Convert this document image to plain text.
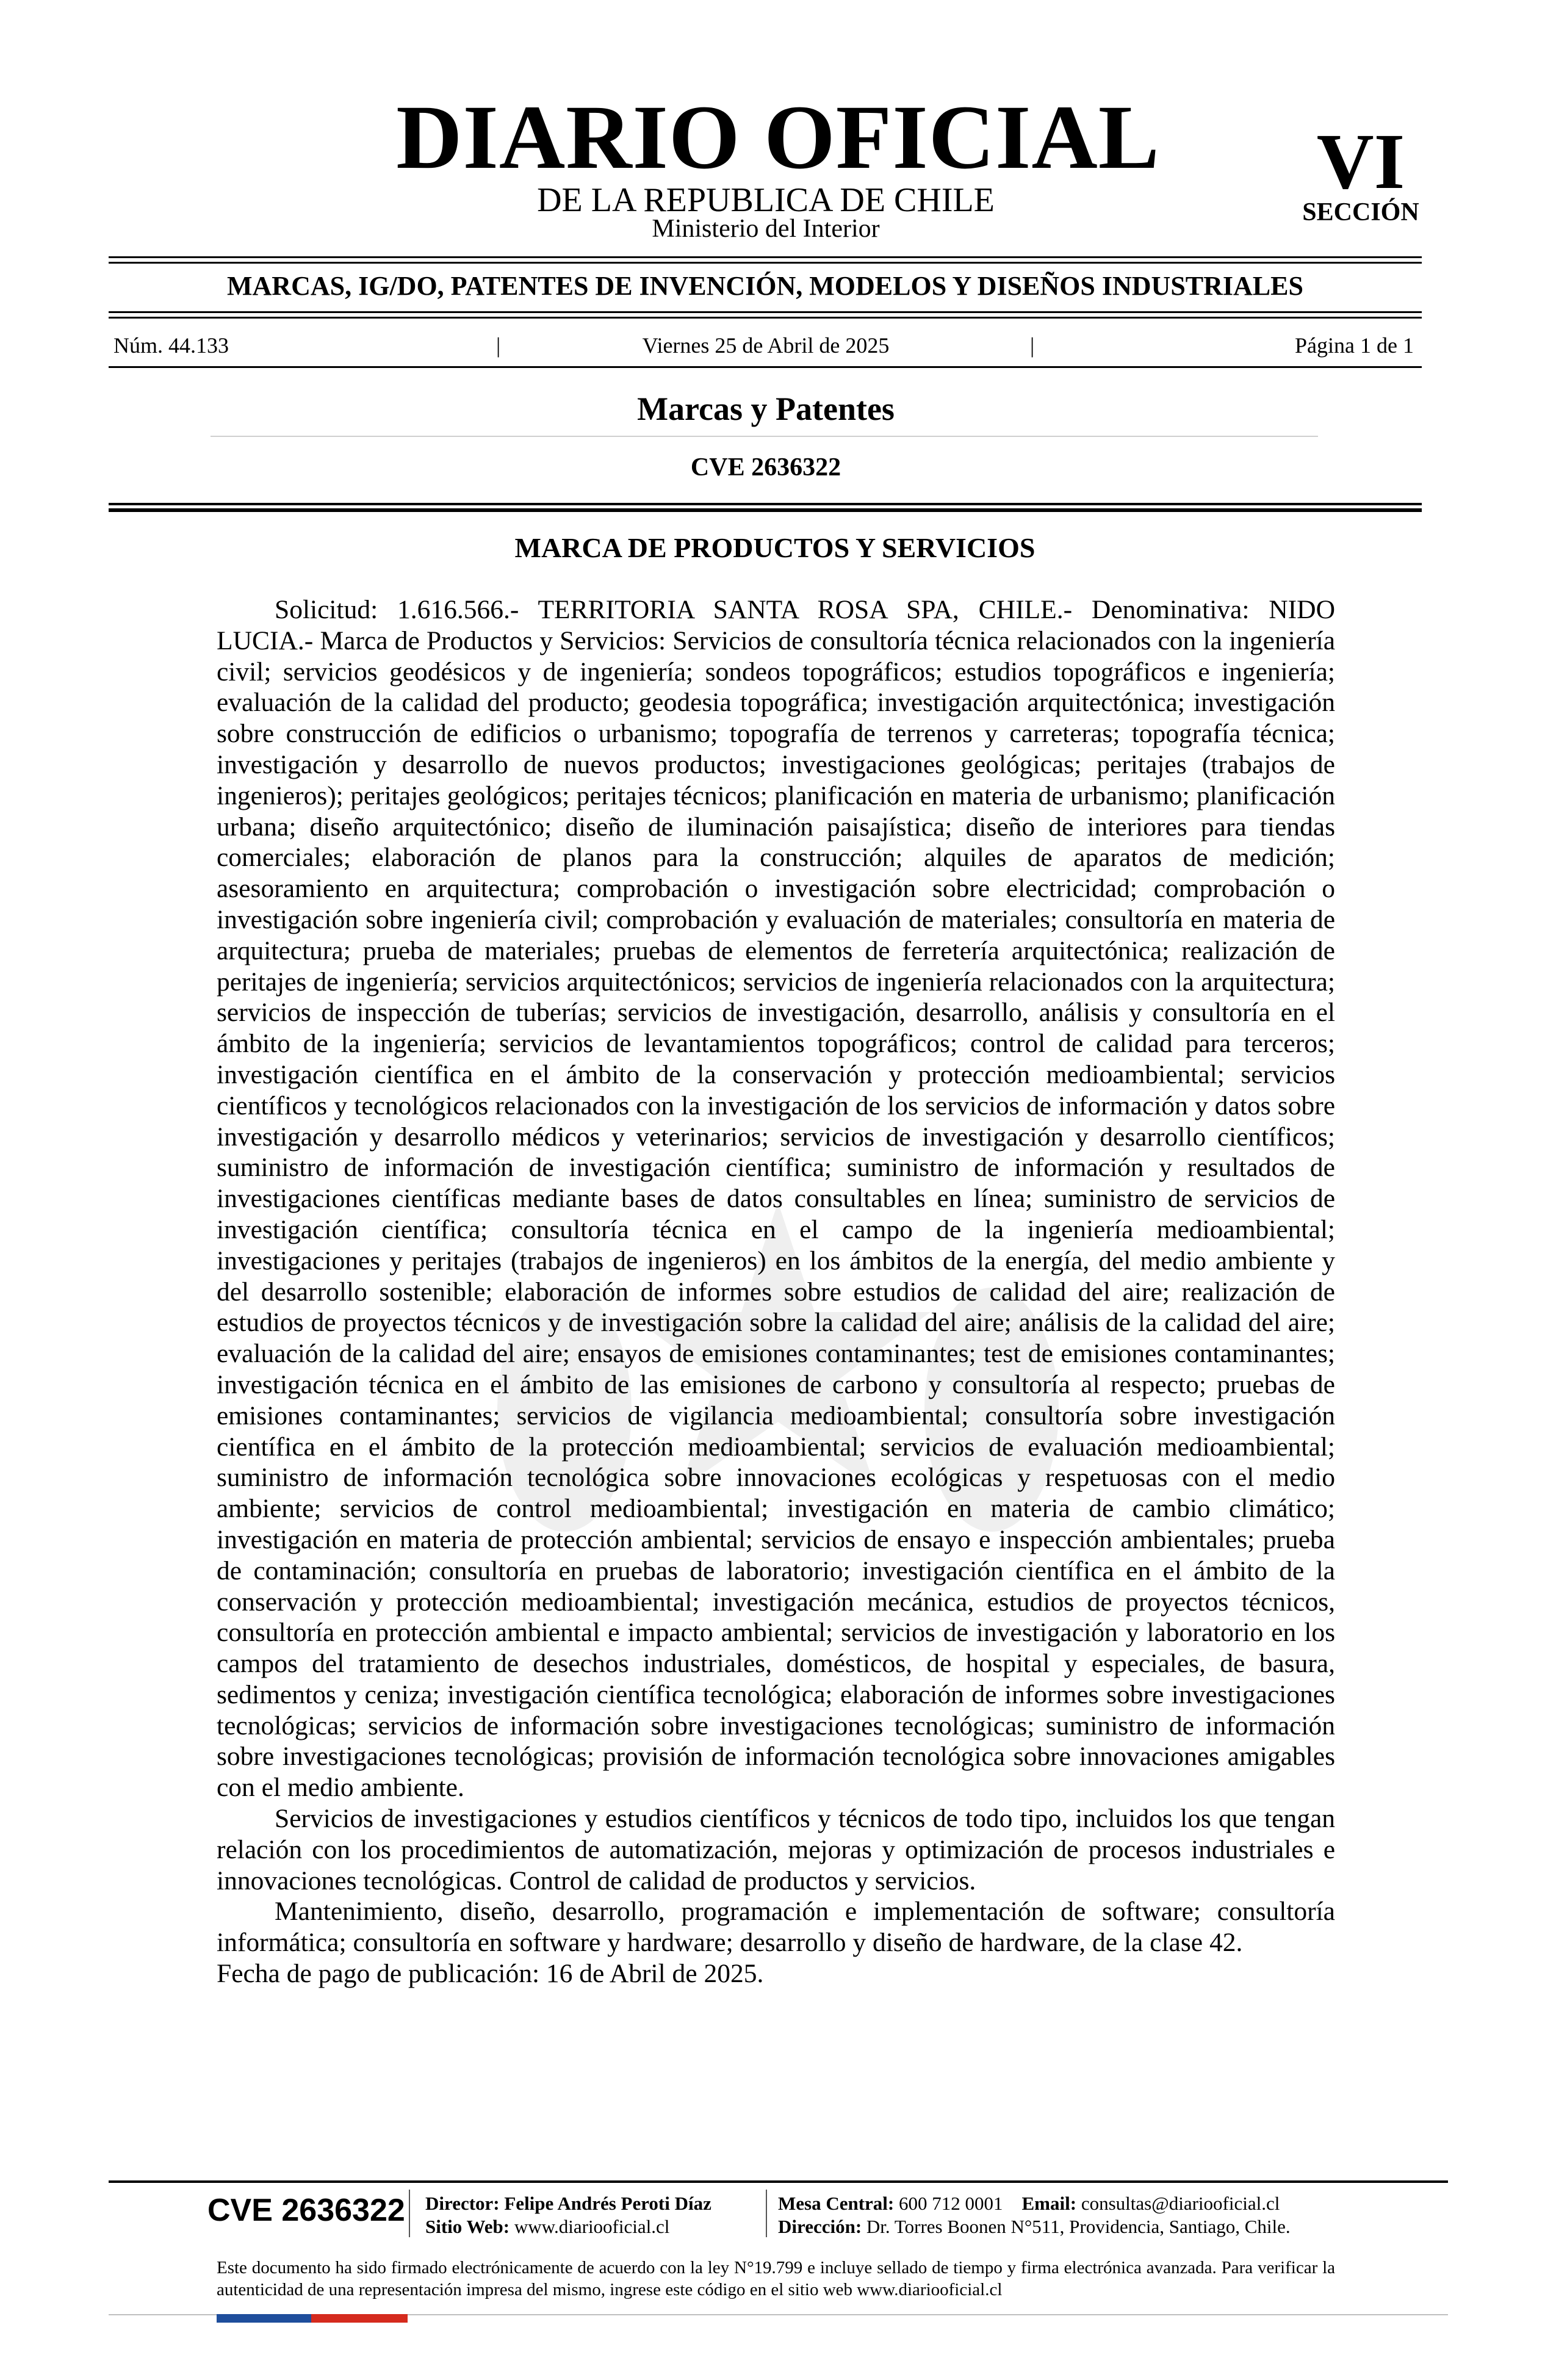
DIARIO OFICIAL
DE LA REPUBLICA DE CHILE
Ministerio del Interior
VI
SECCIÓN
MARCAS, IG/DO, PATENTES DE INVENCIÓN, MODELOS Y DISEÑOS INDUSTRIALES
Núm. 44.133	|	Viernes 25 de Abril de 2025	|	Página 1 de 1
Marcas y Patentes
CVE 2636322
MARCA DE PRODUCTOS Y SERVICIOS

Solicitud: 1.616.566.- TERRITORIA SANTA ROSA SPA, CHILE.- Denominativa: NIDO LUCIA.- Marca de Productos y Servicios: Servicios de consultoría técnica relacionados con la ingeniería civil; servicios geodésicos y de ingeniería; sondeos topográficos; estudios topográficos e ingeniería; evaluación de la calidad del producto; geodesia topográfica; investigación arquitectónica; investigación sobre construcción de edificios o urbanismo; topografía de terrenos y carreteras; topografía técnica; investigación y desarrollo de nuevos productos; investigaciones geológicas; peritajes (trabajos de ingenieros); peritajes geológicos; peritajes técnicos; planificación en materia de urbanismo; planificación urbana; diseño arquitectónico; diseño de iluminación paisajística; diseño de interiores para tiendas comerciales; elaboración de planos para la construcción; alquiles de aparatos de medición; asesoramiento en arquitectura; comprobación o investigación sobre electricidad; comprobación o investigación sobre ingeniería civil; comprobación y evaluación de materiales; consultoría en materia de arquitectura; prueba de materiales; pruebas de elementos de ferretería arquitectónica; realización de peritajes de ingeniería; servicios arquitectónicos; servicios de ingeniería relacionados con la arquitectura; servicios de inspección de tuberías; servicios de investigación, desarrollo, análisis y consultoría en el ámbito de la ingeniería; servicios de levantamientos topográficos; control de calidad para terceros; investigación científica en el ámbito de la conservación y protección medioambiental; servicios científicos y tecnológicos relacionados con la investigación de los servicios de información y datos sobre investigación y desarrollo médicos y veterinarios; servicios de investigación y desarrollo científicos; suministro de información de investigación científica; suministro de información y resultados de investigaciones científicas mediante bases de datos consultables en línea; suministro de servicios de investigación científica; consultoría técnica en el campo de la ingeniería medioambiental; investigaciones y peritajes (trabajos de ingenieros) en los ámbitos de la energía, del medio ambiente y del desarrollo sostenible; elaboración de informes sobre estudios de calidad del aire; realización de estudios de proyectos técnicos y de investigación sobre la calidad del aire; análisis de la calidad del aire; evaluación de la calidad del aire; ensayos de emisiones contaminantes; test de emisiones contaminantes; investigación técnica en el ámbito de las emisiones de carbono y consultoría al respecto; pruebas de emisiones contaminantes; servicios de vigilancia medioambiental; consultoría sobre investigación científica en el ámbito de la protección medioambiental; servicios de evaluación medioambiental; suministro de información tecnológica sobre innovaciones ecológicas y respetuosas con el medio ambiente; servicios de control medioambiental; investigación en materia de cambio climático; investigación en materia de protección ambiental; servicios de ensayo e inspección ambientales; prueba de contaminación; consultoría en pruebas de laboratorio; investigación científica en el ámbito de la conservación y protección medioambiental; investigación mecánica, estudios de proyectos técnicos, consultoría en protección ambiental e impacto ambiental; servicios de investigación y laboratorio en los campos del tratamiento de desechos industriales, domésticos, de hospital y especiales, de basura, sedimentos y ceniza; investigación científica tecnológica; elaboración de informes sobre investigaciones tecnológicas; servicios de información sobre investigaciones tecnológicas; suministro de información sobre investigaciones tecnológicas; provisión de información tecnológica sobre innovaciones amigables con el medio ambiente.
Servicios de investigaciones y estudios científicos y técnicos de todo tipo, incluidos los que tengan relación con los procedimientos de automatización, mejoras y optimización de procesos industriales e innovaciones tecnológicas. Control de calidad de productos y servicios.
Mantenimiento, diseño, desarrollo, programación e implementación de software; consultoría informática; consultoría en software y hardware; desarrollo y diseño de hardware, de la clase 42.

Fecha de pago de publicación: 16 de Abril de 2025.

CVE 2636322 Director: Felipe Andrés Peroti Díaz
Sitio Web: www.diariooficial.cl
Mesa Central: 600 712 0001 Email: consultas@diariooficial.cl
Dirección: Dr. Torres Boonen N°511, Providencia, Santiago, Chile.
Este documento ha sido firmado electrónicamente de acuerdo con la ley N°19.799 e incluye sellado de tiempo y firma electrónica avanzada. Para verificar la autenticidad de una representación impresa del mismo, ingrese este código en el sitio web www.diariooficial.cl
